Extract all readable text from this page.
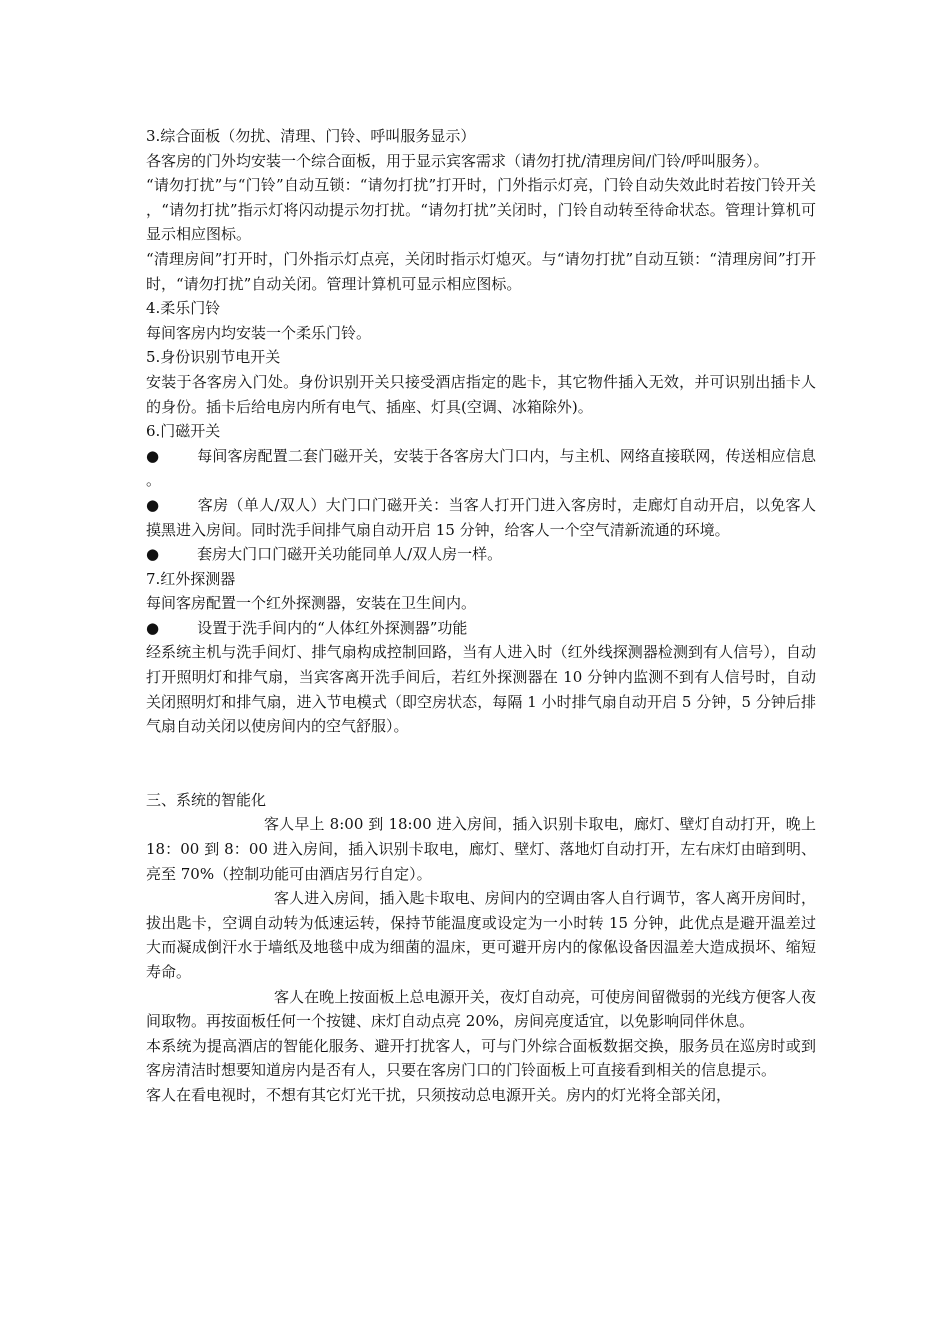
3.综合面板（勿扰、清理、门铃、呼叫服务显示）

各客房的门外均安装一个综合面板，用于显示宾客需求（请勿打扰/清理房间/门铃/呼叫服务）。

“请勿打扰”与“门铃”自动互锁：“请勿打扰”打开时，门外指示灯亮，门铃自动失效此时若按门铃开关，“请勿打扰”指示灯将闪动提示勿打扰。“请勿打扰”关闭时，门铃自动转至待命状态。管理计算机可显示相应图标。

“清理房间”打开时，门外指示灯点亮，关闭时指示灯熄灭。与“请勿打扰”自动互锁：“清理房间”打开时，“请勿打扰”自动关闭。管理计算机可显示相应图标。

4.柔乐门铃

每间客房内均安装一个柔乐门铃。

5.身份识别节电开关

安装于各客房入门处。身份识别开关只接受酒店指定的匙卡，其它物件插入无效，并可识别出插卡人的身份。插卡后给电房内所有电气、插座、灯具(空调、冰箱除外)。

6.门磁开关

●	每间客房配置二套门磁开关，安装于各客房大门口内，与主机、网络直接联网，传送相应信息。

●	客房（单人/双人）大门口门磁开关：当客人打开门进入客房时，走廊灯自动开启，以免客人摸黑进入房间。同时洗手间排气扇自动开启 15 分钟，给客人一个空气清新流通的环境。

●	套房大门口门磁开关功能同单人/双人房一样。

7.红外探测器

每间客房配置一个红外探测器，安装在卫生间内。

●	设置于洗手间内的“人体红外探测器”功能

经系统主机与洗手间灯、排气扇构成控制回路，当有人进入时（红外线探测器检测到有人信号），自动打开照明灯和排气扇，当宾客离开洗手间后，若红外探测器在 10 分钟内监测不到有人信号时，自动关闭照明灯和排气扇，进入节电模式（即空房状态，每隔 1 小时排气扇自动开启 5 分钟，5 分钟后排气扇自动关闭以使房间内的空气舒服）。

三、系统的智能化

客人早上 8:00 到 18:00 进入房间，插入识别卡取电，廊灯、壁灯自动打开，晚上 18：00 到 8：00 进入房间，插入识别卡取电，廊灯、壁灯、落地灯自动打开，左右床灯由暗到明、亮至 70%（控制功能可由酒店另行自定）。

客人进入房间，插入匙卡取电、房间内的空调由客人自行调节，客人离开房间时，拔出匙卡，空调自动转为低速运转，保持节能温度或设定为一小时转 15 分钟，此优点是避开温差过大而凝成倒汗水于墙纸及地毯中成为细菌的温床，更可避开房内的傢俬设备因温差大造成损坏、缩短寿命。

客人在晚上按面板上总电源开关，夜灯自动亮，可使房间留微弱的光线方便客人夜间取物。再按面板任何一个按键、床灯自动点亮 20%，房间亮度适宜，以免影响同伴休息。

本系统为提高酒店的智能化服务、避开打扰客人，可与门外综合面板数据交换，服务员在巡房时或到客房清洁时想要知道房内是否有人，只要在客房门口的门铃面板上可直接看到相关的信息提示。

客人在看电视时，不想有其它灯光干扰，只须按动总电源开关。房内的灯光将全部关闭，
